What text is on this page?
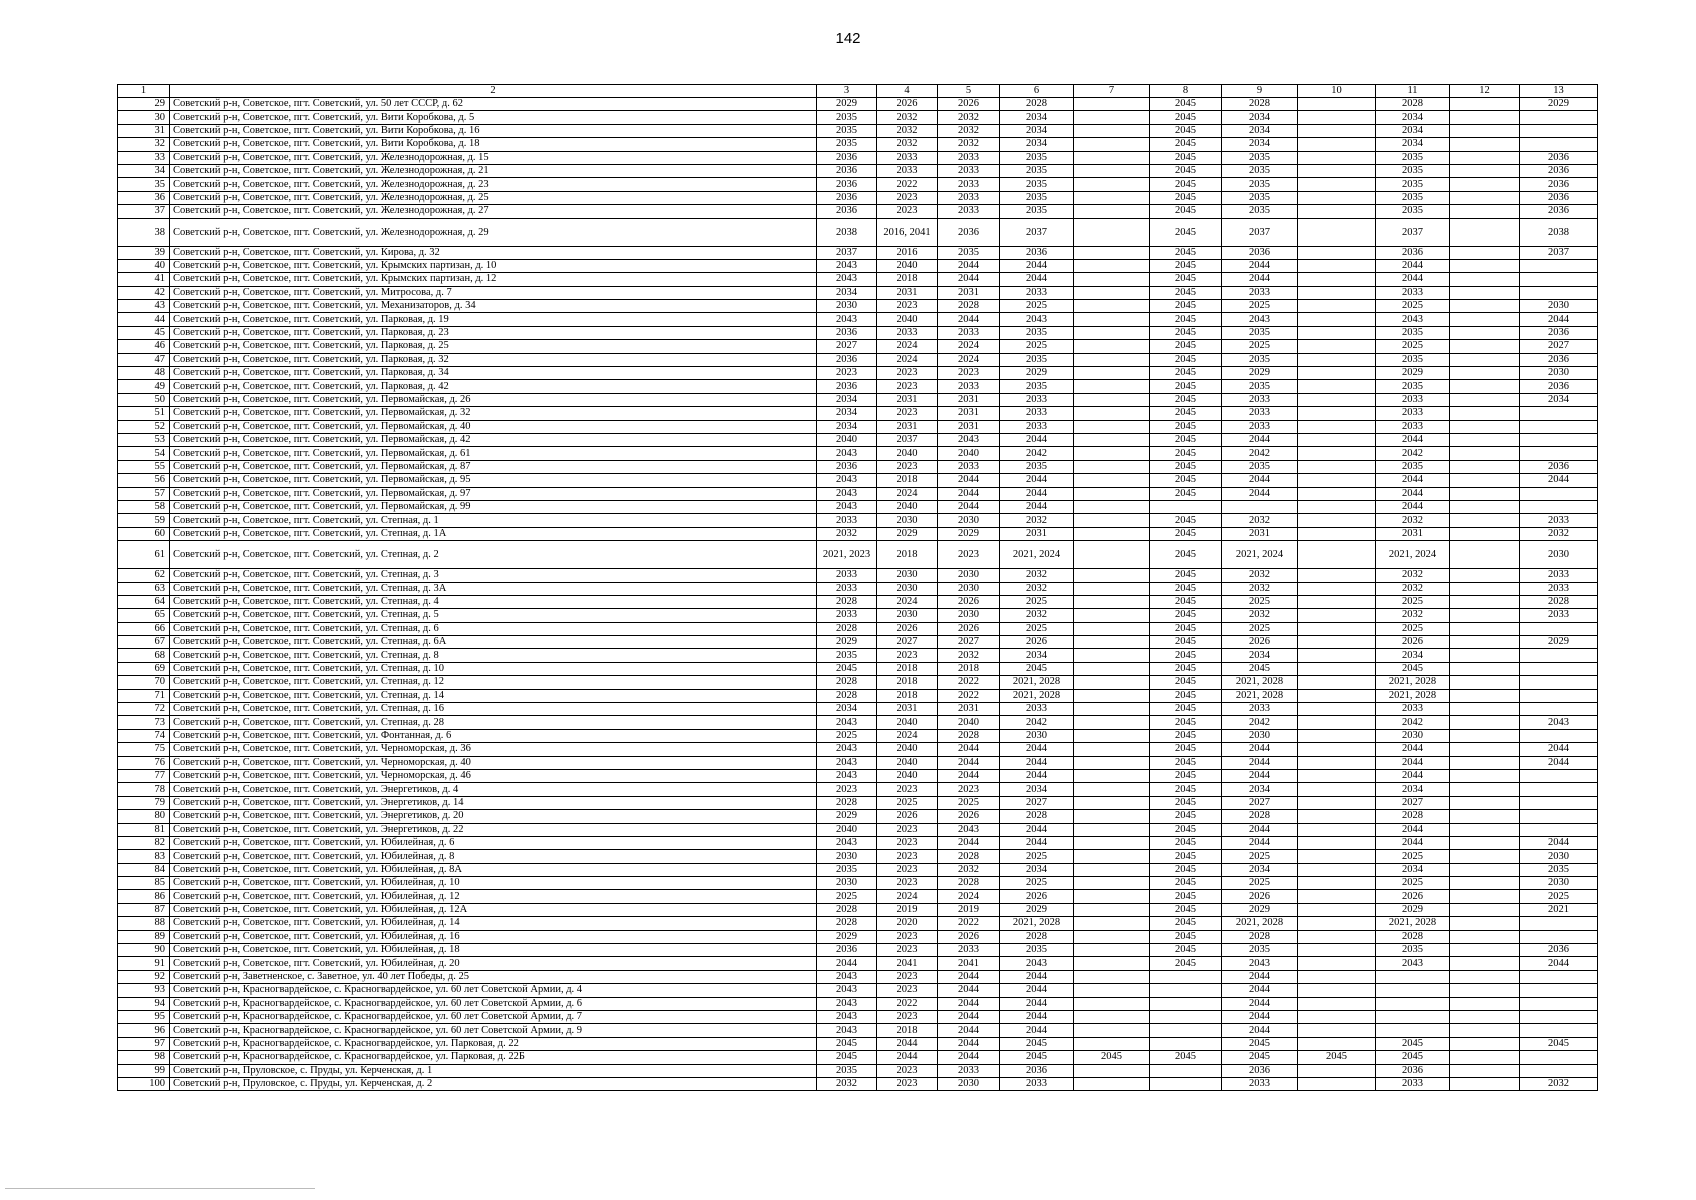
142
1	2	3	4	5	6	7	8	9	10	11	12	13
29	Советский р-н, Советское, пгт. Советский, ул. 50 лет СССР, д. 62	2029	2026	2026	2028		2045	2028		2028		2029
30	Советский р-н, Советское, пгт. Советский, ул. Вити Коробкова, д. 5	2035	2032	2032	2034		2045	2034		2034		
31	Советский р-н, Советское, пгт. Советский, ул. Вити Коробкова, д. 16	2035	2032	2032	2034		2045	2034		2034		
32	Советский р-н, Советское, пгт. Советский, ул. Вити Коробкова, д. 18	2035	2032	2032	2034		2045	2034		2034		
33	Советский р-н, Советское, пгт. Советский, ул. Железнодорожная, д. 15	2036	2033	2033	2035		2045	2035		2035		2036
34	Советский р-н, Советское, пгт. Советский, ул. Железнодорожная, д. 21	2036	2033	2033	2035		2045	2035		2035		2036
35	Советский р-н, Советское, пгт. Советский, ул. Железнодорожная, д. 23	2036	2022	2033	2035		2045	2035		2035		2036
36	Советский р-н, Советское, пгт. Советский, ул. Железнодорожная, д. 25	2036	2023	2033	2035		2045	2035		2035		2036
37	Советский р-н, Советское, пгт. Советский, ул. Железнодорожная, д. 27	2036	2023	2033	2035		2045	2035		2035		2036
38	Советский р-н, Советское, пгт. Советский, ул. Железнодорожная, д. 29	2038	2016, 2041	2036	2037		2045	2037		2037		2038
39	Советский р-н, Советское, пгт. Советский, ул. Кирова, д. 32	2037	2016	2035	2036		2045	2036		2036		2037
40	Советский р-н, Советское, пгт. Советский, ул. Крымских партизан, д. 10	2043	2040	2044	2044		2045	2044		2044		
41	Советский р-н, Советское, пгт. Советский, ул. Крымских партизан, д. 12	2043	2018	2044	2044		2045	2044		2044		
42	Советский р-н, Советское, пгт. Советский, ул. Митросова, д. 7	2034	2031	2031	2033		2045	2033		2033		
43	Советский р-н, Советское, пгт. Советский, ул. Механизаторов, д. 34	2030	2023	2028	2025		2045	2025		2025		2030
44	Советский р-н, Советское, пгт. Советский, ул. Парковая, д. 19	2043	2040	2044	2043		2045	2043		2043		2044
45	Советский р-н, Советское, пгт. Советский, ул. Парковая, д. 23	2036	2033	2033	2035		2045	2035		2035		2036
46	Советский р-н, Советское, пгт. Советский, ул. Парковая, д. 25	2027	2024	2024	2025		2045	2025		2025		2027
47	Советский р-н, Советское, пгт. Советский, ул. Парковая, д. 32	2036	2024	2024	2035		2045	2035		2035		2036
48	Советский р-н, Советское, пгт. Советский, ул. Парковая, д. 34	2023	2023	2023	2029		2045	2029		2029		2030
49	Советский р-н, Советское, пгт. Советский, ул. Парковая, д. 42	2036	2023	2033	2035		2045	2035		2035		2036
50	Советский р-н, Советское, пгт. Советский, ул. Первомайская, д. 26	2034	2031	2031	2033		2045	2033		2033		2034
51	Советский р-н, Советское, пгт. Советский, ул. Первомайская, д. 32	2034	2023	2031	2033		2045	2033		2033		
52	Советский р-н, Советское, пгт. Советский, ул. Первомайская, д. 40	2034	2031	2031	2033		2045	2033		2033		
53	Советский р-н, Советское, пгт. Советский, ул. Первомайская, д. 42	2040	2037	2043	2044		2045	2044		2044		
54	Советский р-н, Советское, пгт. Советский, ул. Первомайская, д. 61	2043	2040	2040	2042		2045	2042		2042		
55	Советский р-н, Советское, пгт. Советский, ул. Первомайская, д. 87	2036	2023	2033	2035		2045	2035		2035		2036
56	Советский р-н, Советское, пгт. Советский, ул. Первомайская, д. 95	2043	2018	2044	2044		2045	2044		2044		2044
57	Советский р-н, Советское, пгт. Советский, ул. Первомайская, д. 97	2043	2024	2044	2044		2045	2044		2044		
58	Советский р-н, Советское, пгт. Советский, ул. Первомайская, д. 99	2043	2040	2044	2044					2044		
59	Советский р-н, Советское, пгт. Советский, ул. Степная, д. 1	2033	2030	2030	2032		2045	2032		2032		2033
60	Советский р-н, Советское, пгт. Советский, ул. Степная, д. 1А	2032	2029	2029	2031		2045	2031		2031		2032
61	Советский р-н, Советское, пгт. Советский, ул. Степная, д. 2	2021, 2023	2018	2023	2021, 2024		2045	2021, 2024		2021, 2024		2030
62	Советский р-н, Советское, пгт. Советский, ул. Степная, д. 3	2033	2030	2030	2032		2045	2032		2032		2033
63	Советский р-н, Советское, пгт. Советский, ул. Степная, д. 3А	2033	2030	2030	2032		2045	2032		2032		2033
64	Советский р-н, Советское, пгт. Советский, ул. Степная, д. 4	2028	2024	2026	2025		2045	2025		2025		2028
65	Советский р-н, Советское, пгт. Советский, ул. Степная, д. 5	2033	2030	2030	2032		2045	2032		2032		2033
66	Советский р-н, Советское, пгт. Советский, ул. Степная, д. 6	2028	2026	2026	2025		2045	2025		2025		
67	Советский р-н, Советское, пгт. Советский, ул. Степная, д. 6А	2029	2027	2027	2026		2045	2026		2026		2029
68	Советский р-н, Советское, пгт. Советский, ул. Степная, д. 8	2035	2023	2032	2034		2045	2034		2034		
69	Советский р-н, Советское, пгт. Советский, ул. Степная, д. 10	2045	2018	2018	2045		2045	2045		2045		
70	Советский р-н, Советское, пгт. Советский, ул. Степная, д. 12	2028	2018	2022	2021, 2028		2045	2021, 2028		2021, 2028		
71	Советский р-н, Советское, пгт. Советский, ул. Степная, д. 14	2028	2018	2022	2021, 2028		2045	2021, 2028		2021, 2028		
72	Советский р-н, Советское, пгт. Советский, ул. Степная, д. 16	2034	2031	2031	2033		2045	2033		2033		
73	Советский р-н, Советское, пгт. Советский, ул. Степная, д. 28	2043	2040	2040	2042		2045	2042		2042		2043
74	Советский р-н, Советское, пгт. Советский, ул. Фонтанная, д. 6	2025	2024	2028	2030		2045	2030		2030		
75	Советский р-н, Советское, пгт. Советский, ул. Черноморская, д. 36	2043	2040	2044	2044		2045	2044		2044		2044
76	Советский р-н, Советское, пгт. Советский, ул. Черноморская, д. 40	2043	2040	2044	2044		2045	2044		2044		2044
77	Советский р-н, Советское, пгт. Советский, ул. Черноморская, д. 46	2043	2040	2044	2044		2045	2044		2044		
78	Советский р-н, Советское, пгт. Советский, ул. Энергетиков, д. 4	2023	2023	2023	2034		2045	2034		2034		
79	Советский р-н, Советское, пгт. Советский, ул. Энергетиков, д. 14	2028	2025	2025	2027		2045	2027		2027		
80	Советский р-н, Советское, пгт. Советский, ул. Энергетиков, д. 20	2029	2026	2026	2028		2045	2028		2028		
81	Советский р-н, Советское, пгт. Советский, ул. Энергетиков, д. 22	2040	2023	2043	2044		2045	2044		2044		
82	Советский р-н, Советское, пгт. Советский, ул. Юбилейная, д. 6	2043	2023	2044	2044		2045	2044		2044		2044
83	Советский р-н, Советское, пгт. Советский, ул. Юбилейная, д. 8	2030	2023	2028	2025		2045	2025		2025		2030
84	Советский р-н, Советское, пгт. Советский, ул. Юбилейная, д. 8А	2035	2023	2032	2034		2045	2034		2034		2035
85	Советский р-н, Советское, пгт. Советский, ул. Юбилейная, д. 10	2030	2023	2028	2025		2045	2025		2025		2030
86	Советский р-н, Советское, пгт. Советский, ул. Юбилейная, д. 12	2025	2024	2024	2026		2045	2026		2026		2025
87	Советский р-н, Советское, пгт. Советский, ул. Юбилейная, д. 12А	2028	2019	2019	2029		2045	2029		2029		2021
88	Советский р-н, Советское, пгт. Советский, ул. Юбилейная, д. 14	2028	2020	2022	2021, 2028		2045	2021, 2028		2021, 2028		
89	Советский р-н, Советское, пгт. Советский, ул. Юбилейная, д. 16	2029	2023	2026	2028		2045	2028		2028		
90	Советский р-н, Советское, пгт. Советский, ул. Юбилейная, д. 18	2036	2023	2033	2035		2045	2035		2035		2036
91	Советский р-н, Советское, пгт. Советский, ул. Юбилейная, д. 20	2044	2041	2041	2043		2045	2043		2043		2044
92	Советский р-н, Заветненское, с. Заветное, ул. 40 лет Победы, д. 25	2043	2023	2044	2044			2044				
93	Советский р-н, Красногвардейское, с. Красногвардейское, ул. 60 лет Советской Армии, д. 4	2043	2023	2044	2044			2044				
94	Советский р-н, Красногвардейское, с. Красногвардейское, ул. 60 лет Советской Армии, д. 6	2043	2022	2044	2044			2044				
95	Советский р-н, Красногвардейское, с. Красногвардейское, ул. 60 лет Советской Армии, д. 7	2043	2023	2044	2044			2044				
96	Советский р-н, Красногвардейское, с. Красногвардейское, ул. 60 лет Советской Армии, д. 9	2043	2018	2044	2044			2044				
97	Советский р-н, Красногвардейское, с. Красногвардейское, ул. Парковая, д. 22	2045	2044	2044	2045			2045		2045		2045
98	Советский р-н, Красногвардейское, с. Красногвардейское, ул. Парковая, д. 22Б	2045	2044	2044	2045	2045	2045	2045	2045	2045		
99	Советский р-н, Пруловское, с. Пруды, ул. Керченская, д. 1	2035	2023	2033	2036			2036		2036		
100	Советский р-н, Пруловское, с. Пруды, ул. Керченская, д. 2	2032	2023	2030	2033			2033		2033		2032
